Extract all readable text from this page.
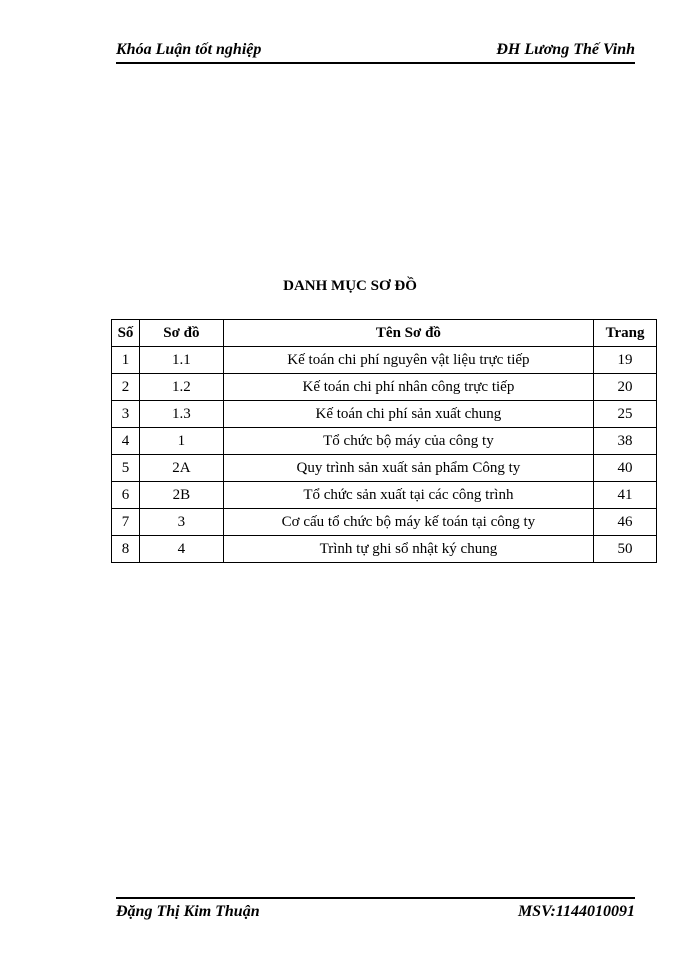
Khóa Luận tốt nghiệp	ĐH Lương Thế Vinh
DANH MỤC SƠ ĐỒ
Số	Sơ đồ	Tên Sơ đồ	Trang
1	1.1	Kế toán chi phí nguyên vật liệu trực tiếp	19
2	1.2	Kế toán chi phí nhân công trực tiếp	20
3	1.3	Kế toán chi phí sản xuất chung	25
4	1	Tổ chức bộ máy của công ty	38
5	2A	Quy trình sản xuất sản phẩm Công ty	40
6	2B	Tổ chức sản xuất tại các công trình	41
7	3	Cơ cấu tổ chức bộ máy kế toán tại công ty	46
8	4	Trình tự ghi sổ nhật ký chung	50
Đặng Thị Kim Thuận	MSV:1144010091
